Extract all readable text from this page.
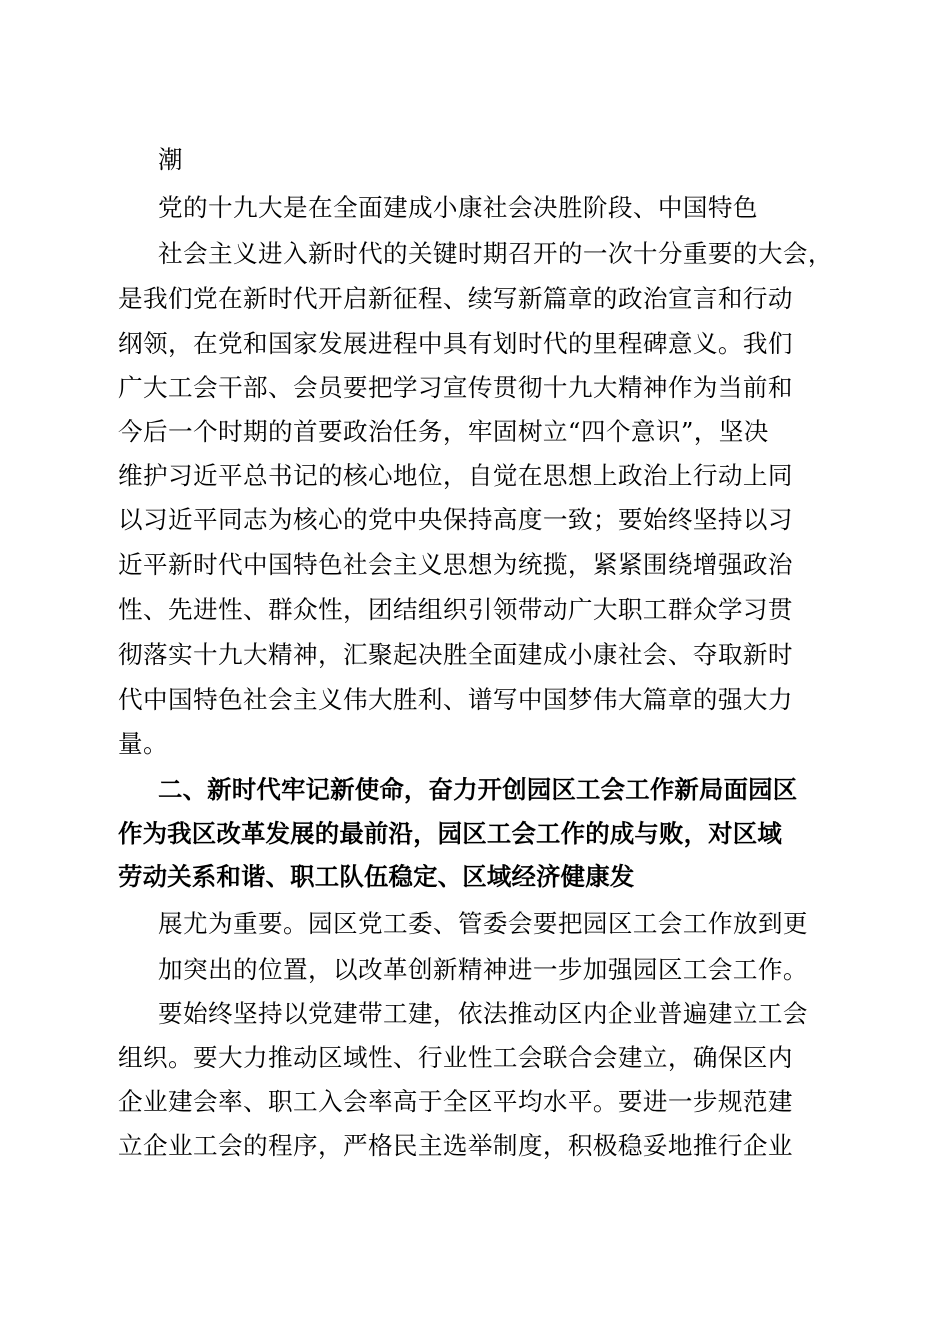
潮
党的十九大是在全面建成小康社会决胜阶段、中国特色
社会主义进入新时代的关键时期召开的一次十分重要的大会，
是我们党在新时代开启新征程、续写新篇章的政治宣言和行动
纲领，在党和国家发展进程中具有划时代的里程碑意义。我们
广大工会干部、会员要把学习宣传贯彻十九大精神作为当前和
今后一个时期的首要政治任务，牢固树立“四个意识”，坚决
维护习近平总书记的核心地位，自觉在思想上政治上行动上同
以习近平同志为核心的党中央保持高度一致；要始终坚持以习
近平新时代中国特色社会主义思想为统揽，紧紧围绕增强政治
性、先进性、群众性，团结组织引领带动广大职工群众学习贯
彻落实十九大精神，汇聚起决胜全面建成小康社会、夺取新时
代中国特色社会主义伟大胜利、谱写中国梦伟大篇章的强大力
量。
二、新时代牢记新使命，奋力开创园区工会工作新局面园区
作为我区改革发展的最前沿，园区工会工作的成与败，对区域
劳动关系和谐、职工队伍稳定、区域经济健康发
展尤为重要。园区党工委、管委会要把园区工会工作放到更
加突出的位置，以改革创新精神进一步加强园区工会工作。
要始终坚持以党建带工建，依法推动区内企业普遍建立工会
组织。要大力推动区域性、行业性工会联合会建立，确保区内
企业建会率、职工入会率高于全区平均水平。要进一步规范建
立企业工会的程序，严格民主选举制度，积极稳妥地推行企业
